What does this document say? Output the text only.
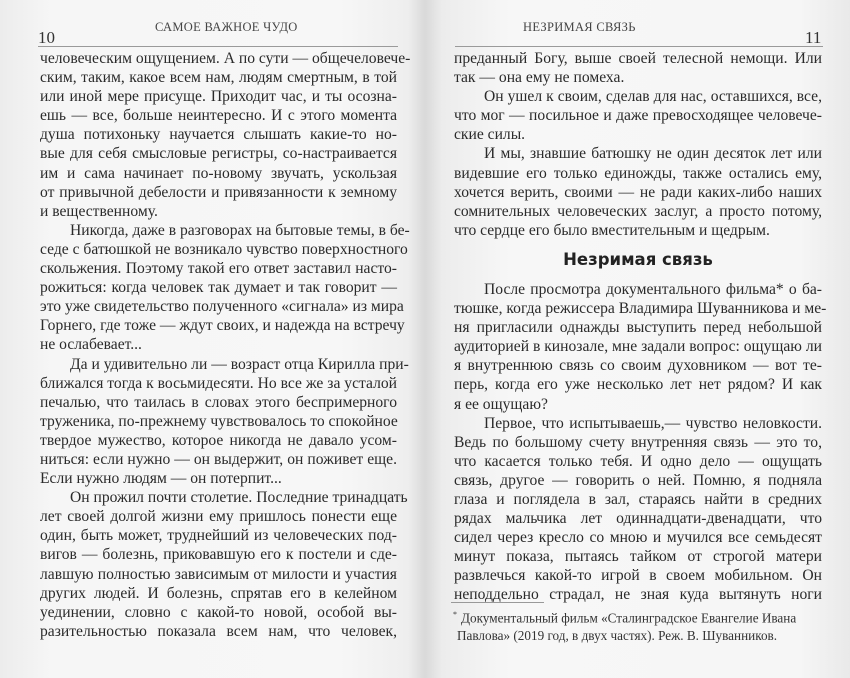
10
САМОЕ ВАЖНОЕ ЧУДО
человеческим ощущением. А по сути — общечеловече-
ским, таким, какое всем нам, людям смертным, в той
или иной мере присуще. Приходит час, и ты осозна-
ешь — все, больше неинтересно. И с этого момента
душа потихоньку научается слышать какие-то но-
вые для себя смысловые регистры, со-настраивается
им и сама начинает по-новому звучать, ускользая
от привычной дебелости и привязанности к земному
и вещественному.
Никогда, даже в разговорах на бытовые темы, в бе-
седе с батюшкой не возникало чувство поверхностного
скольжения. Поэтому такой его ответ заставил насто-
рожиться: когда человек так думает и так говорит —
это уже свидетельство полученного «сигнала» из мира
Горнего, где тоже — ждут своих, и надежда на встречу
не ослабевает...
Да и удивительно ли — возраст отца Кирилла при-
ближался тогда к восьмидесяти. Но все же за усталой
печалью, что таилась в словах этого беспримерного
труженика, по-прежнему чувствовалось то спокойное
твердое мужество, которое никогда не давало усом-
ниться: если нужно — он выдержит, он поживет еще.
Если нужно людям — он потерпит...
Он прожил почти столетие. Последние тринадцать
лет своей долгой жизни ему пришлось понести еще
один, быть может, труднейший из человеческих под-
вигов — болезнь, приковавшую его к постели и сде-
лавшую полностью зависимым от милости и участия
других людей. И болезнь, спрятав его в келейном
уединении, словно с какой-то новой, особой вы-
разительностью показала всем нам, что человек,
НЕЗРИМАЯ СВЯЗЬ
11
преданный Богу, выше своей телесной немощи. Или
так — она ему не помеха.
Он ушел к своим, сделав для нас, оставшихся, все,
что мог — посильное и даже превосходящее человече-
ские силы.
И мы, знавшие батюшку не один десяток лет или
видевшие его только единожды, также остались ему,
хочется верить, своими — не ради каких-либо наших
сомнительных человеческих заслуг, а просто потому,
что сердце его было вместительным и щедрым.
Незримая связь
После просмотра документального фильма* о ба-
тюшке, когда режиссера Владимира Шуванникова и ме-
ня пригласили однажды выступить перед небольшой
аудиторией в кинозале, мне задали вопрос: ощущаю ли
я внутреннюю связь со своим духовником — вот те-
перь, когда его уже несколько лет нет рядом? И как
я ее ощущаю?
Первое, что испытываешь,— чувство неловкости.
Ведь по большому счету внутренняя связь — это то,
что касается только тебя. И одно дело — ощущать
связь, другое — говорить о ней. Помню, я подняла
глаза и поглядела в зал, стараясь найти в средних
рядах мальчика лет одиннадцати-двенадцати, что
сидел через кресло со мною и мучился все семьдесят
минут показа, пытаясь тайком от строгой матери
развлечься какой-то игрой в своем мобильном. Он
неподдельно страдал, не зная куда вытянуть ноги
* Документальный фильм «Сталинградское Евангелие Ивана
Павлова» (2019 год, в двух частях). Реж. В. Шуванников.
